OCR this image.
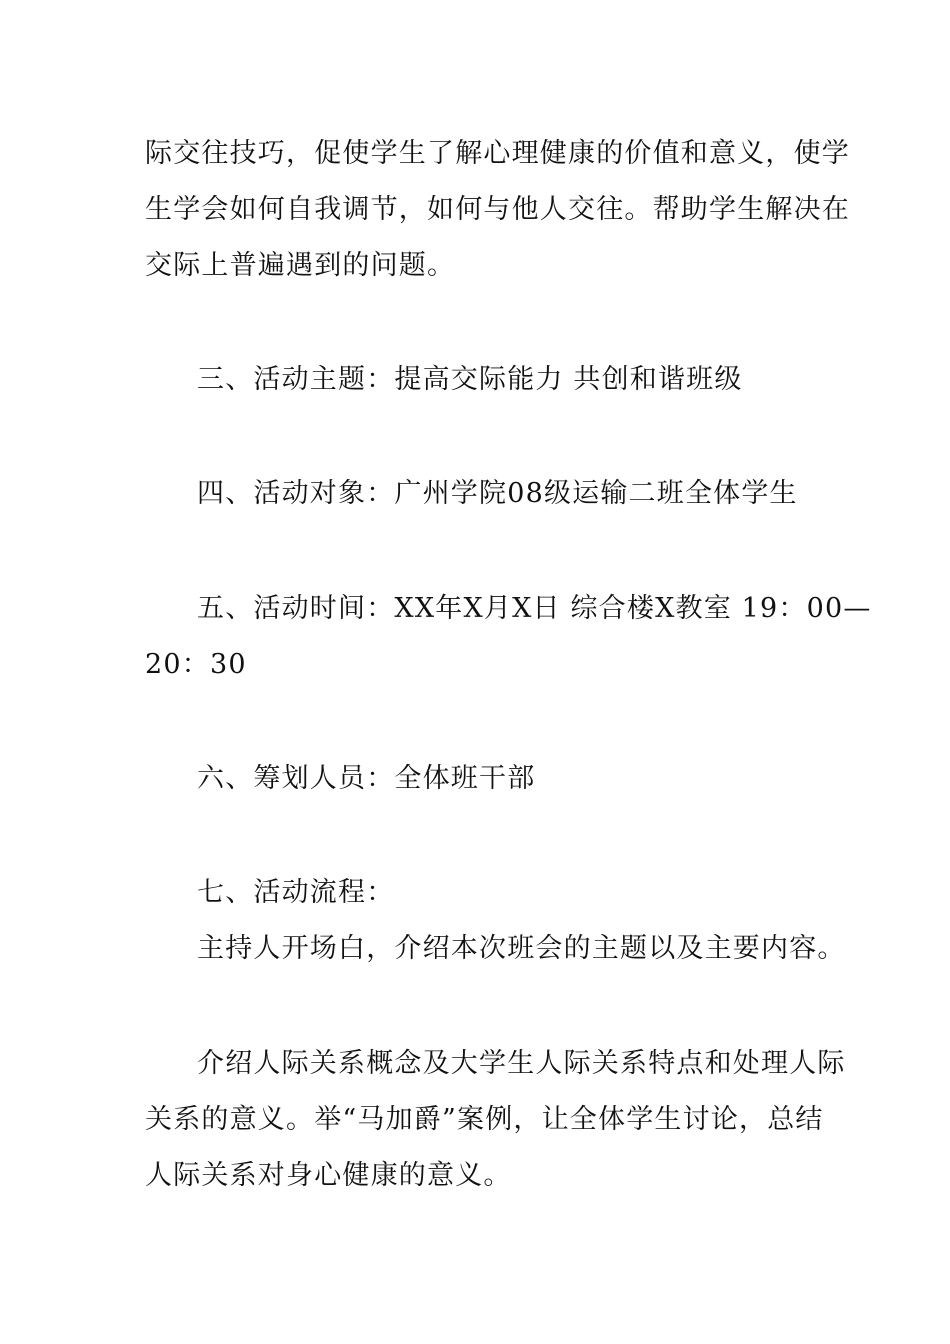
际交往技巧，促使学生了解心理健康的价值和意义，使学
生学会如何自我调节，如何与他人交往。帮助学生解决在
交际上普遍遇到的问题。
三、活动主题：提高交际能力 共创和谐班级
四、活动对象：广州学院08级运输二班全体学生
五、活动时间：XX年X月X日 综合楼X教室 19：00—
20：30
六、筹划人员：全体班干部
七、活动流程：
主持人开场白，介绍本次班会的主题以及主要内容。
介绍人际关系概念及大学生人际关系特点和处理人际
关系的意义。举“马加爵”案例，让全体学生讨论，总结
人际关系对身心健康的意义。
